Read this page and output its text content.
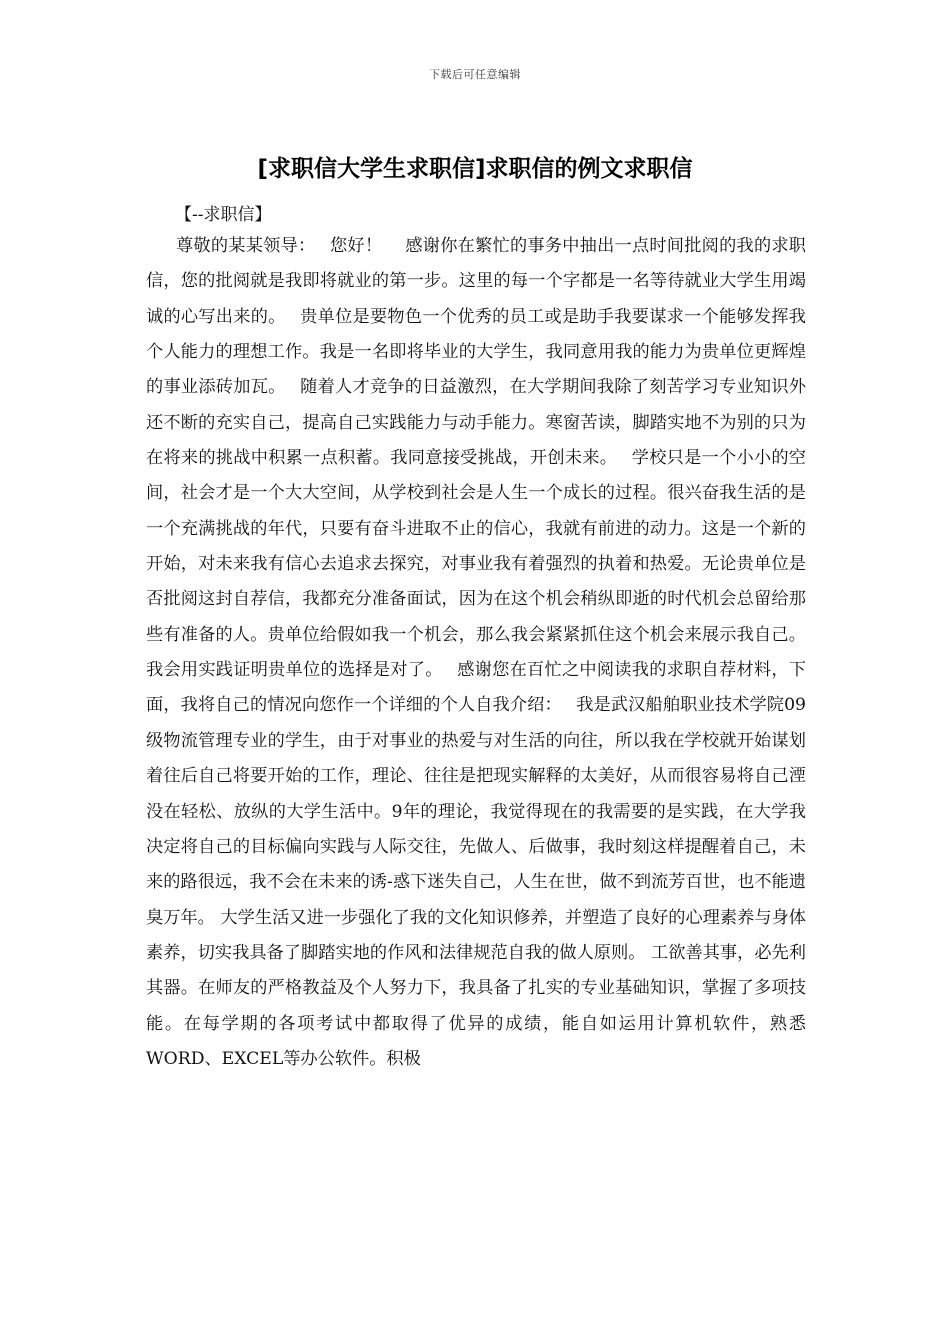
下载后可任意编辑
[求职信大学生求职信]求职信的例文求职信
【--求职信】

尊敬的某某领导：　 您好！　 感谢你在繁忙的事务中抽出一点时间批阅的我的求职信，您的批阅就是我即将就业的第一步。这里的每一个字都是一名等待就业大学生用竭诚的心写出来的。　 贵单位是要物色一个优秀的员工或是助手我要谋求一个能够发挥我个人能力的理想工作。我是一名即将毕业的大学生，我同意用我的能力为贵单位更辉煌的事业添砖加瓦。　 随着人才竞争的日益激烈，在大学期间我除了刻苦学习专业知识外还不断的充实自己，提高自己实践能力与动手能力。寒窗苦读，脚踏实地不为别的只为在将来的挑战中积累一点积蓄。我同意接受挑战，开创未来。　 学校只是一个小小的空间，社会才是一个大大空间，从学校到社会是人生一个成长的过程。很兴奋我生活的是一个充满挑战的年代，只要有奋斗进取不止的信心，我就有前进的动力。这是一个新的开始，对未来我有信心去追求去探究，对事业我有着强烈的执着和热爱。无论贵单位是否批阅这封自荐信，我都充分准备面试，因为在这个机会稍纵即逝的时代机会总留给那些有准备的人。贵单位给假如我一个机会，那么我会紧紧抓住这个机会来展示我自己。我会用实践证明贵单位的选择是对了。　 感谢您在百忙之中阅读我的求职自荐材料，下面，我将自己的情况向您作一个详细的个人自我介绍：　 我是武汉船舶职业技术学院09级物流管理专业的学生，由于对事业的热爱与对生活的向往，所以我在学校就开始谋划着往后自己将要开始的工作，理论、往往是把现实解释的太美好，从而很容易将自己湮没在轻松、放纵的大学生活中。9年的理论，我觉得现在的我需要的是实践，在大学我决定将自己的目标偏向实践与人际交往，先做人、后做事，我时刻这样提醒着自己，未来的路很远，我不会在未来的诱-惑下迷失自己，人生在世，做不到流芳百世，也不能遗臭万年。 大学生活又进一步强化了我的文化知识修养，并塑造了良好的心理素养与身体素养，切实我具备了脚踏实地的作风和法律规范自我的做人原则。 工欲善其事，必先利其器。在师友的严格教益及个人努力下，我具备了扎实的专业基础知识，掌握了多项技能。在每学期的各项考试中都取得了优异的成绩，能自如运用计算机软件，熟悉WORD、EXCEL等办公软件。积极
